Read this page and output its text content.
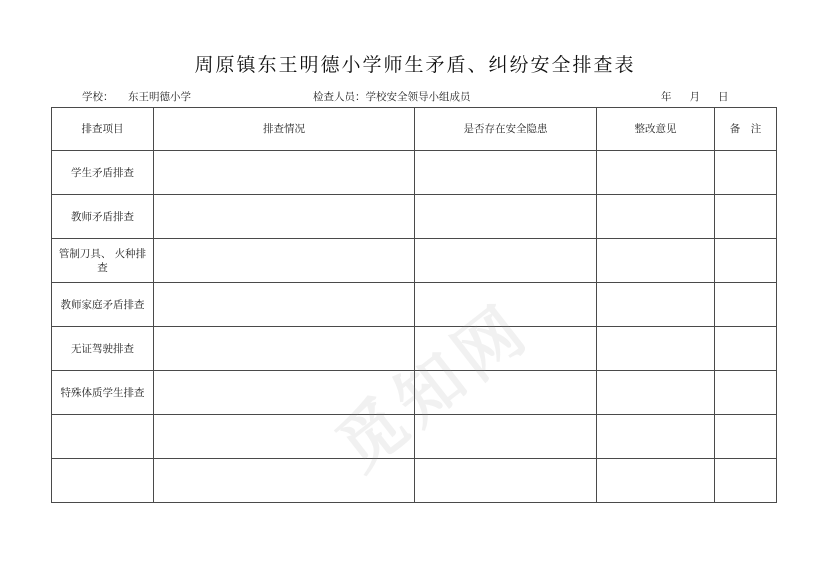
周原镇东王明德小学师生矛盾、纠纷安全排查表
学校： 东王明德小学	检查人员：学校安全领导小组成员	年 月 日
排查项目	排查情况	是否存在安全隐患	整改意见	备　注
学生矛盾排查				
教师矛盾排查				
管制刀具、 火种排查				
教师家庭矛盾排查				
无证驾驶排查				
特殊体质学生排查				

					觅知网
